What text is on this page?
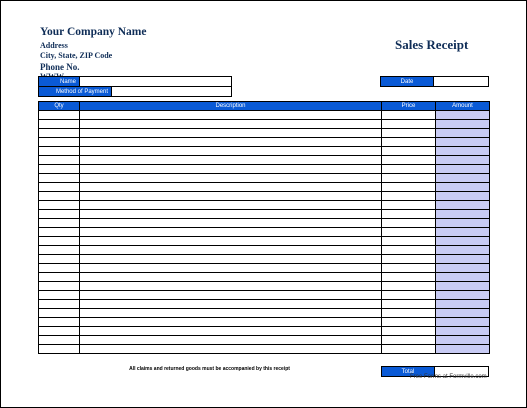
Your Company Name
Address
City, State, ZIP Code
Phone No.
Sales Receipt
Name
Method of Payment
Date
Qty	Description	Price	Amount

All claims and returned goods must be accompanied by this receipt	Total
Free Forms at Formville.com
